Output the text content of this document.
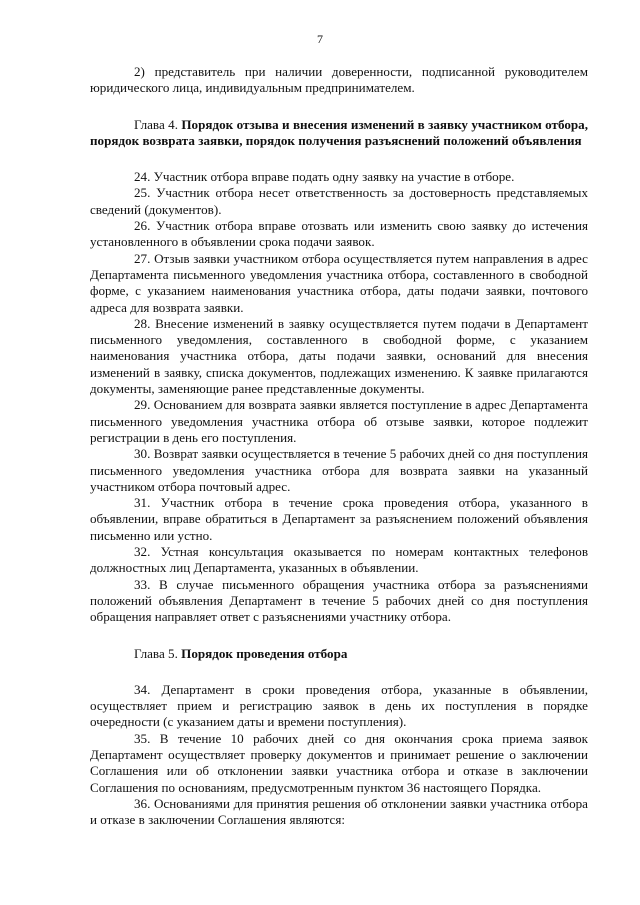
7

2) представитель при наличии доверенности, подписанной руководителем юридического лица, индивидуальным предпринимателем.

Глава 4. Порядок отзыва и внесения изменений в заявку участником отбора, порядок возврата заявки, порядок получения разъяснений положений объявления

24. Участник отбора вправе подать одну заявку на участие в отборе.

25. Участник отбора несет ответственность за достоверность представляемых сведений (документов).

26. Участник отбора вправе отозвать или изменить свою заявку до истечения установленного в объявлении срока подачи заявок.

27. Отзыв заявки участником отбора осуществляется путем направления в адрес Департамента письменного уведомления участника отбора, составленного в свободной форме, с указанием наименования участника отбора, даты подачи заявки, почтового адреса для возврата заявки.

28. Внесение изменений в заявку осуществляется путем подачи в Департамент письменного уведомления, составленного в свободной форме, с указанием наименования участника отбора, даты подачи заявки, оснований для внесения изменений в заявку, списка документов, подлежащих изменению. К заявке прилагаются документы, заменяющие ранее представленные документы.

29. Основанием для возврата заявки является поступление в адрес Департамента письменного уведомления участника отбора об отзыве заявки, которое подлежит регистрации в день его поступления.

30. Возврат заявки осуществляется в течение 5 рабочих дней со дня поступления письменного уведомления участника отбора для возврата заявки на указанный участником отбора почтовый адрес.

31. Участник отбора в течение срока проведения отбора, указанного в объявлении, вправе обратиться в Департамент за разъяснением положений объявления письменно или устно.

32. Устная консультация оказывается по номерам контактных телефонов должностных лиц Департамента, указанных в объявлении.

33. В случае письменного обращения участника отбора за разъяснениями положений объявления Департамент в течение 5 рабочих дней со дня поступления обращения направляет ответ с разъяснениями участнику отбора.

Глава 5. Порядок проведения отбора

34. Департамент в сроки проведения отбора, указанные в объявлении, осуществляет прием и регистрацию заявок в день их поступления в порядке очередности (с указанием даты и времени поступления).

35. В течение 10 рабочих дней со дня окончания срока приема заявок Департамент осуществляет проверку документов и принимает решение о заключении Соглашения или об отклонении заявки участника отбора и отказе в заключении Соглашения по основаниям, предусмотренным пунктом 36 настоящего Порядка.

36. Основаниями для принятия решения об отклонении заявки участника отбора и отказе в заключении Соглашения являются:
